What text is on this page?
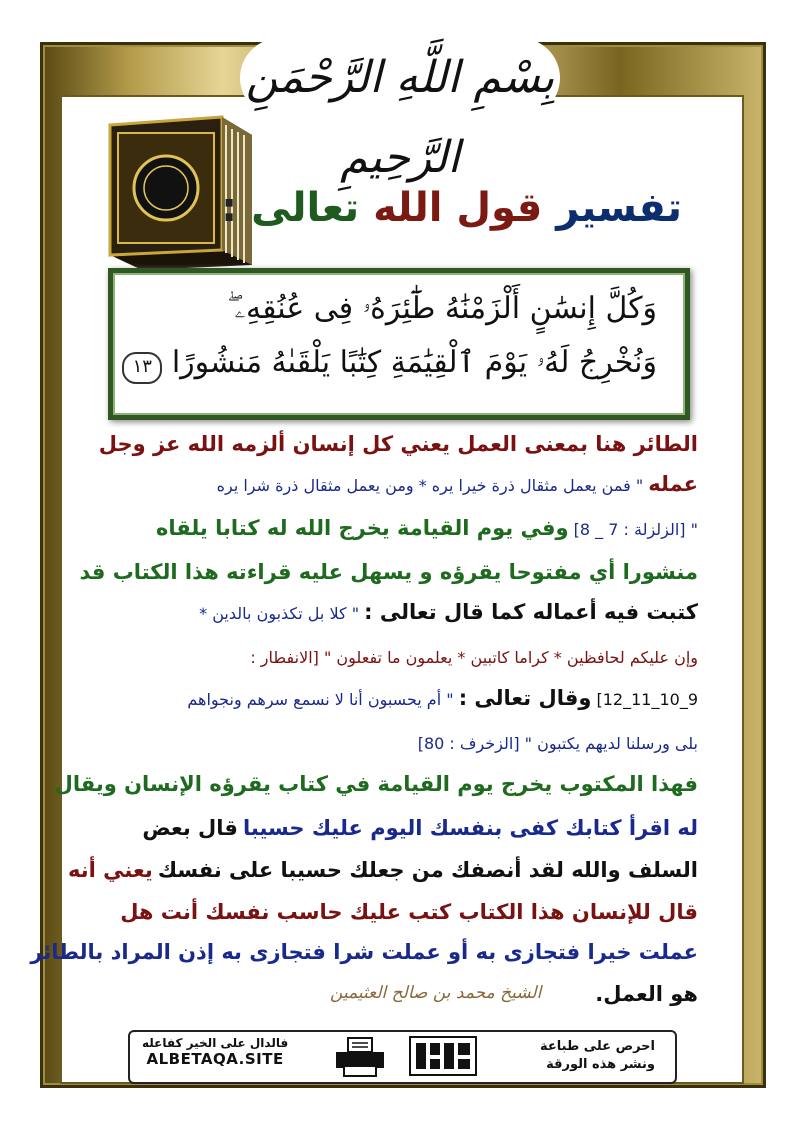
بِسْمِ اللَّهِ الرَّحْمَنِ الرَّحِيمِ
تفسير قول الله تعالى :
وَكُلَّ إِنسَٰنٍ أَلْزَمْنَٰهُ طَٰٓئِرَهُۥ فِى عُنُقِهِۦ ۖ
وَنُخْرِجُ لَهُۥ يَوْمَ ٱلْقِيَٰمَةِ كِتَٰبًا يَلْقَىٰهُ مَنشُورًا ١٣
الطائر هنا بمعنى العمل يعني كل إنسان ألزمه الله عز وجل
عمله " فمن يعمل مثقال ذرة خيرا يره * ومن يعمل مثقال ذرة شرا يره
" [الزلزلة : 7 _ 8] وفي يوم القيامة يخرج الله له كتابا يلقاه
منشورا أي مفتوحا يقرؤه و يسهل عليه قراءته هذا الكتاب قد
كتبت فيه أعماله كما قال تعالى : " كلا بل تكذبون بالدين *
وإن عليكم لحافظين * كراما كاتبين * يعلمون ما تفعلون " [الانفطار :
9_10_11_12] وقال تعالى : " أم يحسبون أنا لا نسمع سرهم ونجواهم
بلى ورسلنا لديهم يكتبون " [الزخرف : 80]
فهذا المكتوب يخرج يوم القيامة في كتاب يقرؤه الإنسان ويقال
له اقرأ كتابك كفى بنفسك اليوم عليك حسيبا قال بعض
السلف والله لقد أنصفك من جعلك حسيبا على نفسك يعني أنه
قال للإنسان هذا الكتاب كتب عليك حاسب نفسك أنت هل
عملت خيرا فتجازى به أو عملت شرا فتجازى به إذن المراد بالطائر
هو العمل.
الشيخ محمد بن صالح العثيمين
احرص على طباعة
ونشر هذه الورقة
فالدال على الخير كفاعله
ALBETAQA.SITE
